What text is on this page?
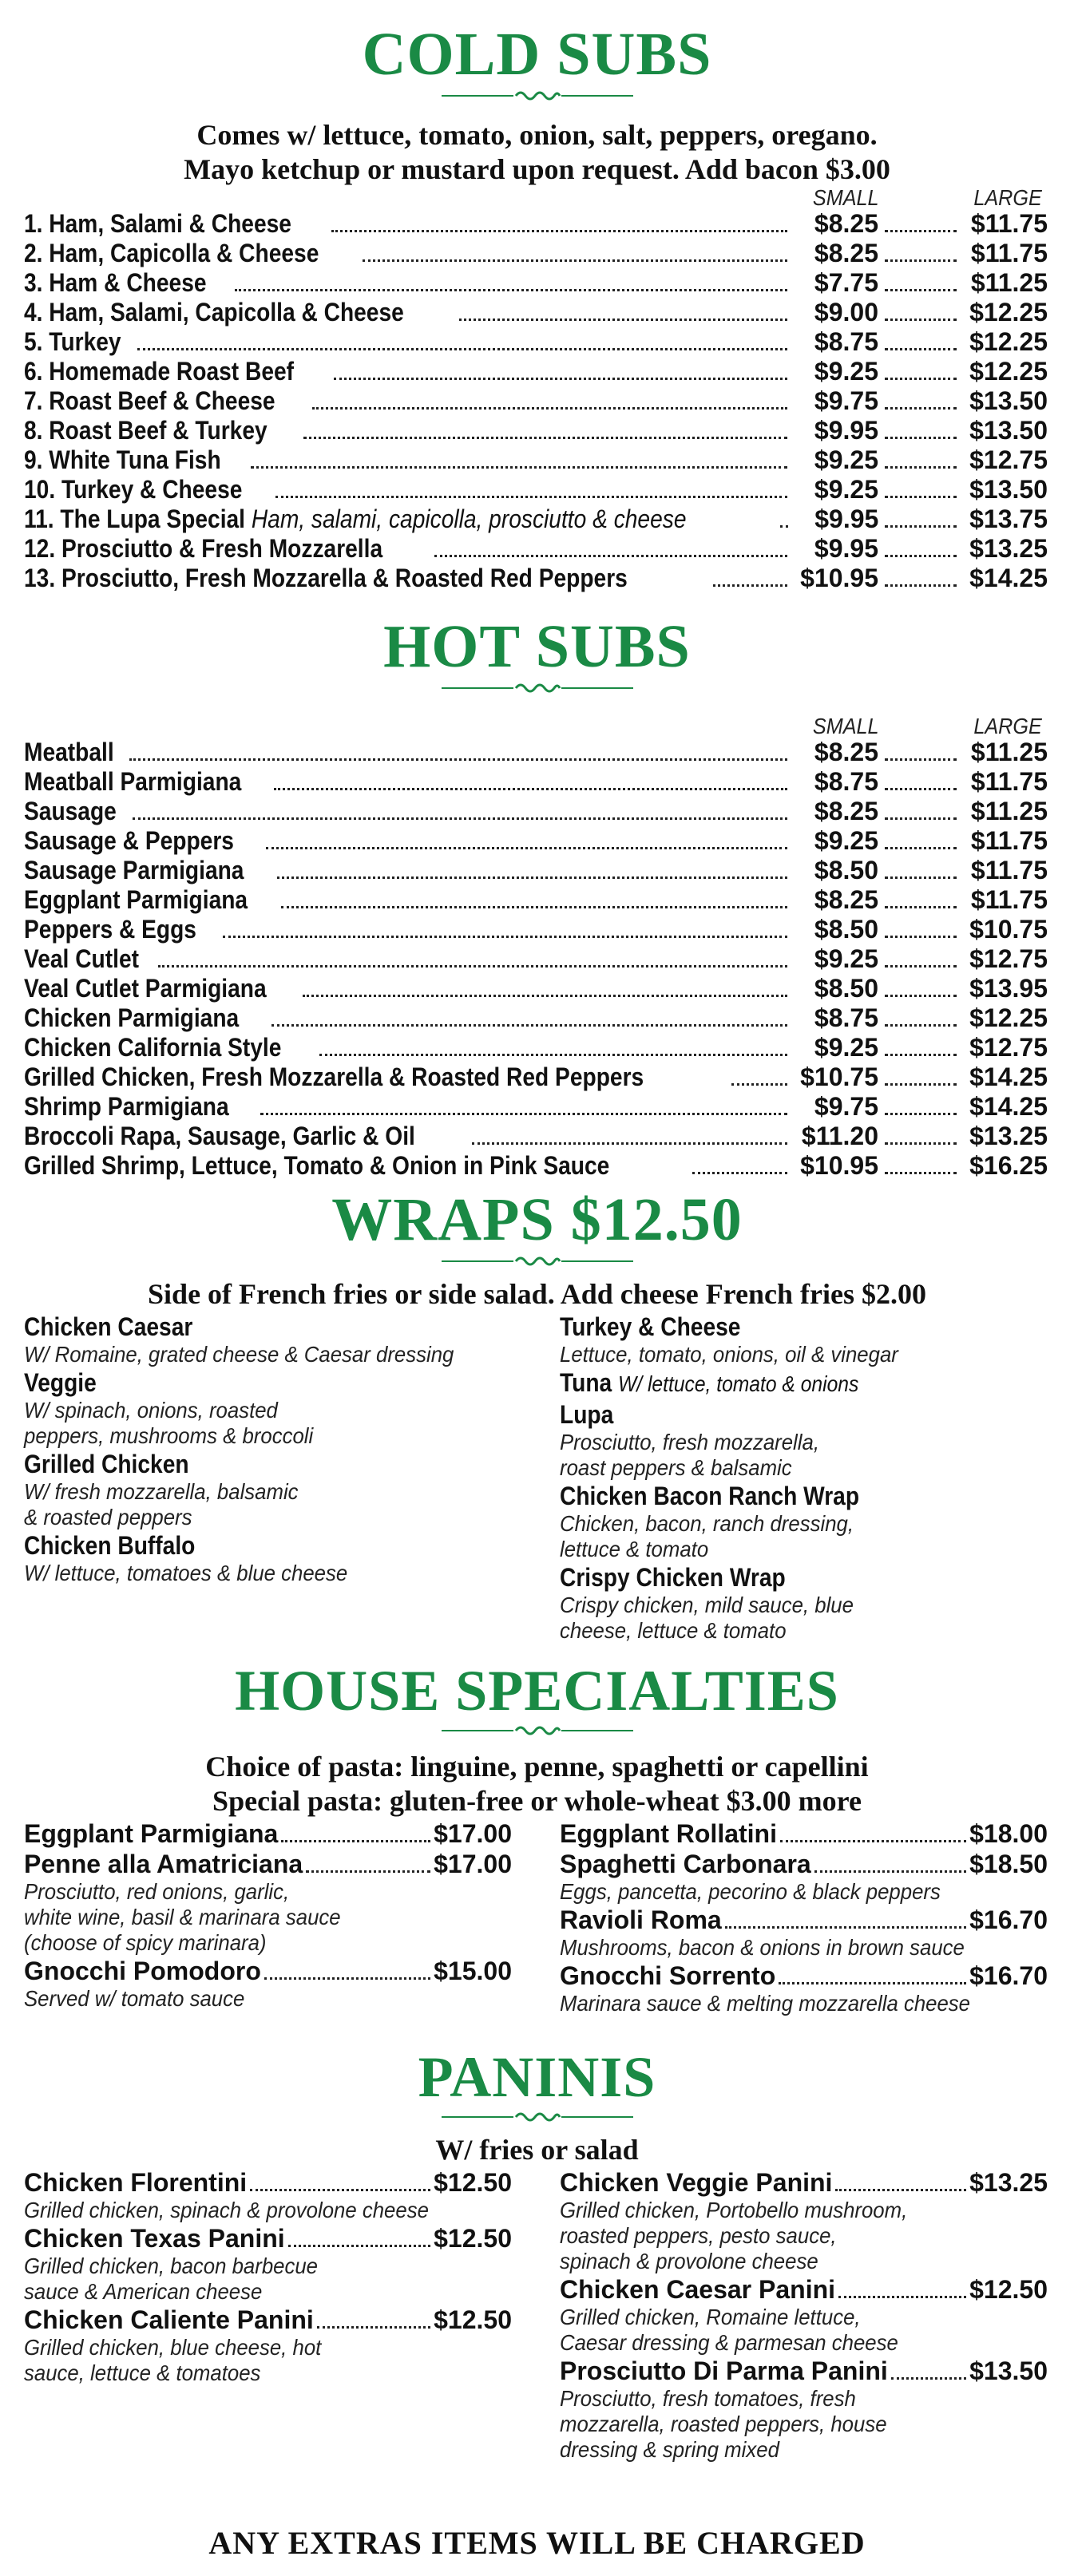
COLD SUBS
Comes w/ lettuce, tomato, onion, salt, peppers, oregano.
Mayo ketchup or mustard upon request. Add bacon $3.00
SMALL	LARGE
1. Ham, Salami & Cheese	$8.25	$11.75
2. Ham, Capicolla & Cheese	$8.25	$11.75
3. Ham & Cheese	$7.75	$11.25
4. Ham, Salami, Capicolla & Cheese	$9.00	$12.25
5. Turkey	$8.75	$12.25
6. Homemade Roast Beef	$9.25	$12.25
7. Roast Beef & Cheese	$9.75	$13.50
8. Roast Beef & Turkey	$9.95	$13.50
9. White Tuna Fish	$9.25	$12.75
10. Turkey & Cheese	$9.25	$13.50
11. The Lupa Special Ham, salami, capicolla, prosciutto & cheese	$9.95	$13.75
12. Prosciutto & Fresh Mozzarella	$9.95	$13.25
13. Prosciutto, Fresh Mozzarella & Roasted Red Peppers	$10.95	$14.25
HOT SUBS
SMALL	LARGE
Meatball	$8.25	$11.25
Meatball Parmigiana	$8.75	$11.75
Sausage	$8.25	$11.25
Sausage & Peppers	$9.25	$11.75
Sausage Parmigiana	$8.50	$11.75
Eggplant Parmigiana	$8.25	$11.75
Peppers & Eggs	$8.50	$10.75
Veal Cutlet	$9.25	$12.75
Veal Cutlet Parmigiana	$8.50	$13.95
Chicken Parmigiana	$8.75	$12.25
Chicken California Style	$9.25	$12.75
Grilled Chicken, Fresh Mozzarella & Roasted Red Peppers	$10.75	$14.25
Shrimp Parmigiana	$9.75	$14.25
Broccoli Rapa, Sausage, Garlic & Oil	$11.20	$13.25
Grilled Shrimp, Lettuce, Tomato & Onion in Pink Sauce	$10.95	$16.25
WRAPS $12.50
Side of French fries or side salad. Add cheese French fries $2.00
Chicken Caesar
W/ Romaine, grated cheese & Caesar dressing
Veggie
W/ spinach, onions, roasted
peppers, mushrooms & broccoli
Grilled Chicken
W/ fresh mozzarella, balsamic
& roasted peppers
Chicken Buffalo
W/ lettuce, tomatoes & blue cheese
Turkey & Cheese
Lettuce, tomato, onions, oil & vinegar
Tuna W/ lettuce, tomato & onions
Lupa
Prosciutto, fresh mozzarella,
roast peppers & balsamic
Chicken Bacon Ranch Wrap
Chicken, bacon, ranch dressing,
lettuce & tomato
Crispy Chicken Wrap
Crispy chicken, mild sauce, blue
cheese, lettuce & tomato
HOUSE SPECIALTIES
Choice of pasta: linguine, penne, spaghetti or capellini
Special pasta: gluten-free or whole-wheat $3.00 more
Eggplant Parmigiana	$17.00
Penne alla Amatriciana	$17.00
Prosciutto, red onions, garlic,
white wine, basil & marinara sauce
(choose of spicy marinara)
Gnocchi Pomodoro	$15.00
Served w/ tomato sauce
Eggplant Rollatini	$18.00
Spaghetti Carbonara	$18.50
Eggs, pancetta, pecorino & black peppers
Ravioli Roma	$16.70
Mushrooms, bacon & onions in brown sauce
Gnocchi Sorrento	$16.70
Marinara sauce & melting mozzarella cheese
PANINIS
W/ fries or salad
Chicken Florentini	$12.50
Grilled chicken, spinach & provolone cheese
Chicken Texas Panini	$12.50
Grilled chicken, bacon barbecue
sauce & American cheese
Chicken Caliente Panini	$12.50
Grilled chicken, blue cheese, hot
sauce, lettuce & tomatoes
Chicken Veggie Panini	$13.25
Grilled chicken, Portobello mushroom,
roasted peppers, pesto sauce,
spinach & provolone cheese
Chicken Caesar Panini	$12.50
Grilled chicken, Romaine lettuce,
Caesar dressing & parmesan cheese
Prosciutto Di Parma Panini	$13.50
Prosciutto, fresh tomatoes, fresh
mozzarella, roasted peppers, house
dressing & spring mixed
ANY EXTRAS ITEMS WILL BE CHARGED
